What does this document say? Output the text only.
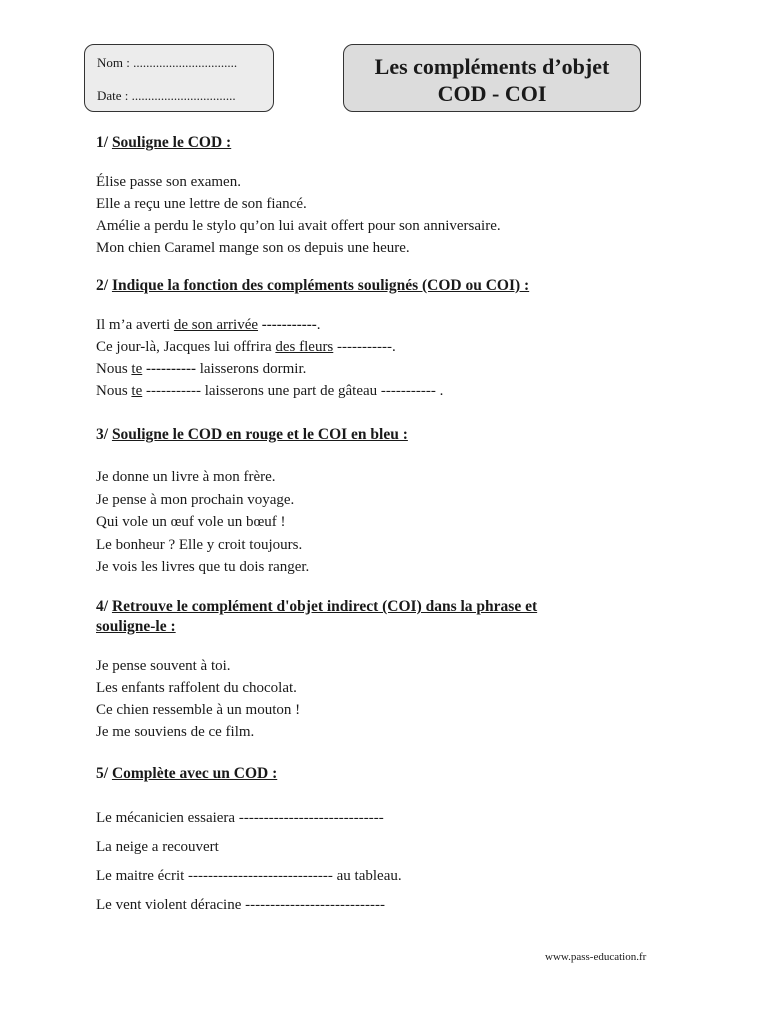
Nom : ................................
Date : ................................
Les compléments d’objet
COD - COI
1/ Souligne le COD :
Élise passe son examen.
Elle a reçu une lettre de son fiancé.
Amélie a perdu le stylo qu’on lui avait offert pour son anniversaire.
Mon chien Caramel mange son os depuis une heure.
2/ Indique la fonction des compléments soulignés (COD ou COI) :
Il m’a averti de son arrivée -----------.
Ce jour-là, Jacques lui offrira des fleurs -----------.
Nous te ---------- laisserons dormir.
Nous te ----------- laisserons une part de gâteau ----------- .
3/ Souligne le COD en rouge et le COI en bleu :
Je donne un livre à mon frère.
Je pense à mon prochain voyage.
Qui vole un œuf vole un bœuf !
Le bonheur ? Elle y croit toujours.
Je vois les livres que tu dois ranger.
4/ Retrouve le complément d'objet indirect (COI) dans la phrase et
souligne-le :
Je pense souvent à toi.
Les enfants raffolent du chocolat.
Ce chien ressemble à un mouton !
Je me souviens de ce film.
5/ Complète avec un COD :
Le mécanicien essaiera -----------------------------
La neige a recouvert
Le maitre écrit ----------------------------- au tableau.
Le vent violent déracine ----------------------------
www.pass-education.fr
